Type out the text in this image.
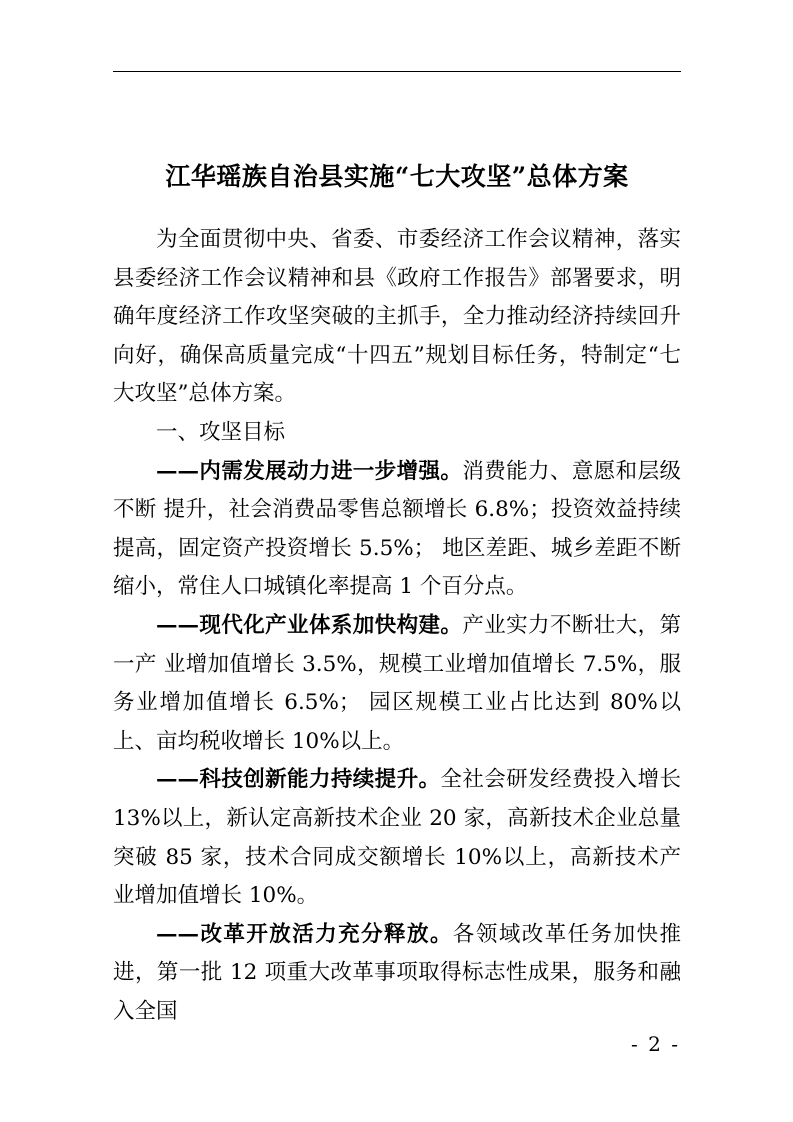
江华瑶族自治县实施“七大攻坚”总体方案

为全面贯彻中央、省委、市委经济工作会议精神，落实县委经济工作会议精神和县《政府工作报告》部署要求，明确年度经济工作攻坚突破的主抓手，全力推动经济持续回升向好，确保高质量完成“十四五”规划目标任务，特制定“七大攻坚”总体方案。

一、攻坚目标

——内需发展动力进一步增强。消费能力、意愿和层级不断 提升，社会消费品零售总额增长 6.8%；投资效益持续提高，固定资产投资增长 5.5%； 地区差距、城乡差距不断缩小，常住人口城镇化率提高 1 个百分点。

——现代化产业体系加快构建。产业实力不断壮大，第一产 业增加值增长 3.5%，规模工业增加值增长 7.5%，服务业增加值增长 6.5%； 园区规模工业占比达到 80%以上、亩均税收增长 10%以上。

——科技创新能力持续提升。全社会研发经费投入增长 13%以上，新认定高新技术企业 20 家，高新技术企业总量突破 85 家，技术合同成交额增长 10%以上，高新技术产业增加值增长 10%。

——改革开放活力充分释放。各领域改革任务加快推进，第一批 12 项重大改革事项取得标志性成果，服务和融入全国

- 2 -
